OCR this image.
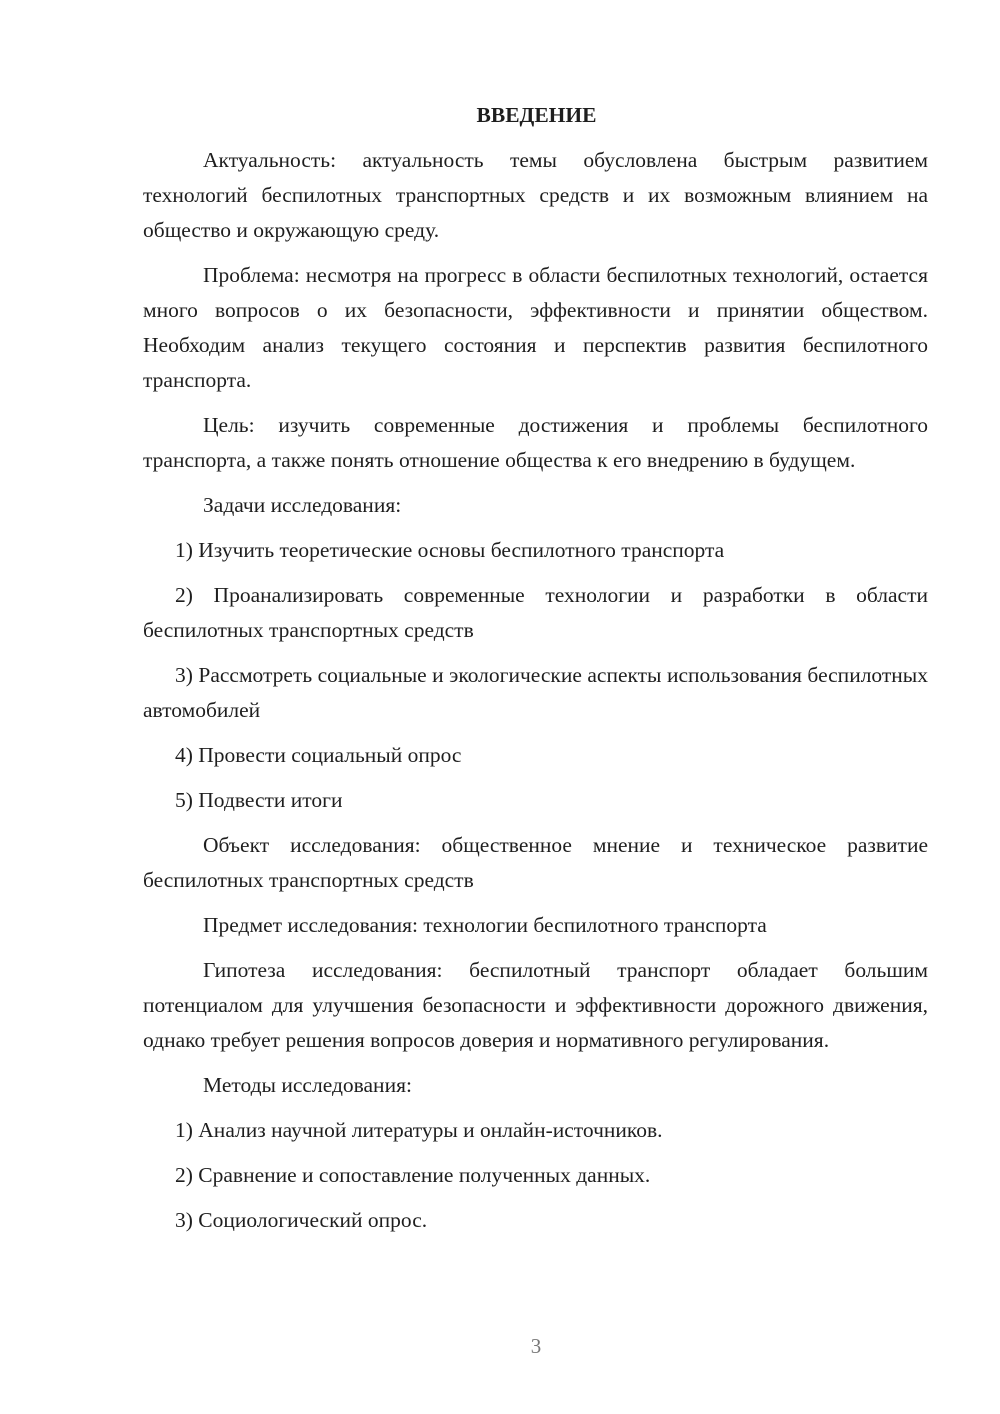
ВВЕДЕНИЕ

Актуальность: актуальность темы обусловлена быстрым развитием технологий беспилотных транспортных средств и их возможным влиянием на общество и окружающую среду.

Проблема: несмотря на прогресс в области беспилотных технологий, остается много вопросов о их безопасности, эффективности и принятии обществом. Необходим анализ текущего состояния и перспектив развития беспилотного транспорта.

Цель: изучить современные достижения и проблемы беспилотного транспорта, а также понять отношение общества к его внедрению в будущем.

Задачи исследования:

1) Изучить теоретические основы беспилотного транспорта

2) Проанализировать современные технологии и разработки в области беспилотных транспортных средств

3) Рассмотреть социальные и экологические аспекты использования беспилотных автомобилей

4) Провести социальный опрос

5) Подвести итоги

Объект исследования: общественное мнение и техническое развитие беспилотных транспортных средств

Предмет исследования: технологии беспилотного транспорта

Гипотеза исследования: беспилотный транспорт обладает большим потенциалом для улучшения безопасности и эффективности дорожного движения, однако требует решения вопросов доверия и нормативного регулирования.

Методы исследования:

1) Анализ научной литературы и онлайн-источников.

2) Сравнение и сопоставление полученных данных.

3) Социологический опрос.

3
